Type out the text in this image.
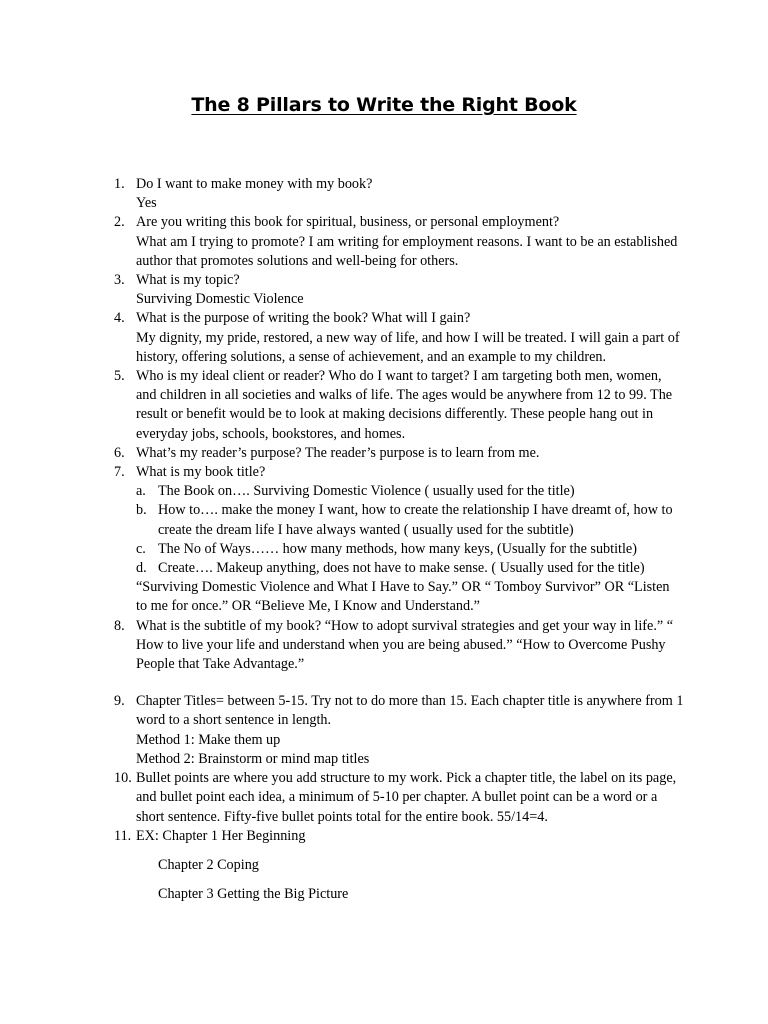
The 8 Pillars to Write the Right Book
1. Do I want to make money with my book?
Yes
2. Are you writing this book for spiritual, business, or personal employment?
What am I trying to promote? I am writing for employment reasons. I want to be an established author that promotes solutions and well-being for others.
3. What is my topic?
Surviving Domestic Violence
4. What is the purpose of writing the book? What will I gain?
My dignity, my pride, restored, a new way of life, and how I will be treated. I will gain a part of history, offering solutions, a sense of achievement, and an example to my children.
5. Who is my ideal client or reader? Who do I want to target? I am targeting both men, women, and children in all societies and walks of life. The ages would be anywhere from 12 to 99. The result or benefit would be to look at making decisions differently. These people hang out in everyday jobs, schools, bookstores, and homes.
6. What’s my reader’s purpose? The reader’s purpose is to learn from me.
7. What is my book title?
a. The Book on…. Surviving Domestic Violence ( usually used for the title)
b. How to…. make the money I want, how to create the relationship I have dreamt of, how to create the dream life I have always wanted ( usually used for the subtitle)
c. The No of Ways…… how many methods, how many keys, (Usually for the subtitle)
d. Create…. Makeup anything, does not have to make sense. ( Usually used for the title)
“Surviving Domestic Violence and What I Have to Say.” OR “ Tomboy Survivor” OR “Listen to me for once.” OR “Believe Me, I Know and Understand.”
8. What is the subtitle of my book? “How to adopt survival strategies and get your way in life.” “ How to live your life and understand when you are being abused.” “How to Overcome Pushy People that Take Advantage.”
9. Chapter Titles= between 5-15. Try not to do more than 15. Each chapter title is anywhere from 1 word to a short sentence in length.
Method 1: Make them up
Method 2: Brainstorm or mind map titles
10. Bullet points are where you add structure to my work. Pick a chapter title, the label on its page, and bullet point each idea, a minimum of 5-10 per chapter. A bullet point can be a word or a short sentence. Fifty-five bullet points total for the entire book. 55/14=4.
11. EX: Chapter 1 Her Beginning
Chapter 2 Coping
Chapter 3 Getting the Big Picture
